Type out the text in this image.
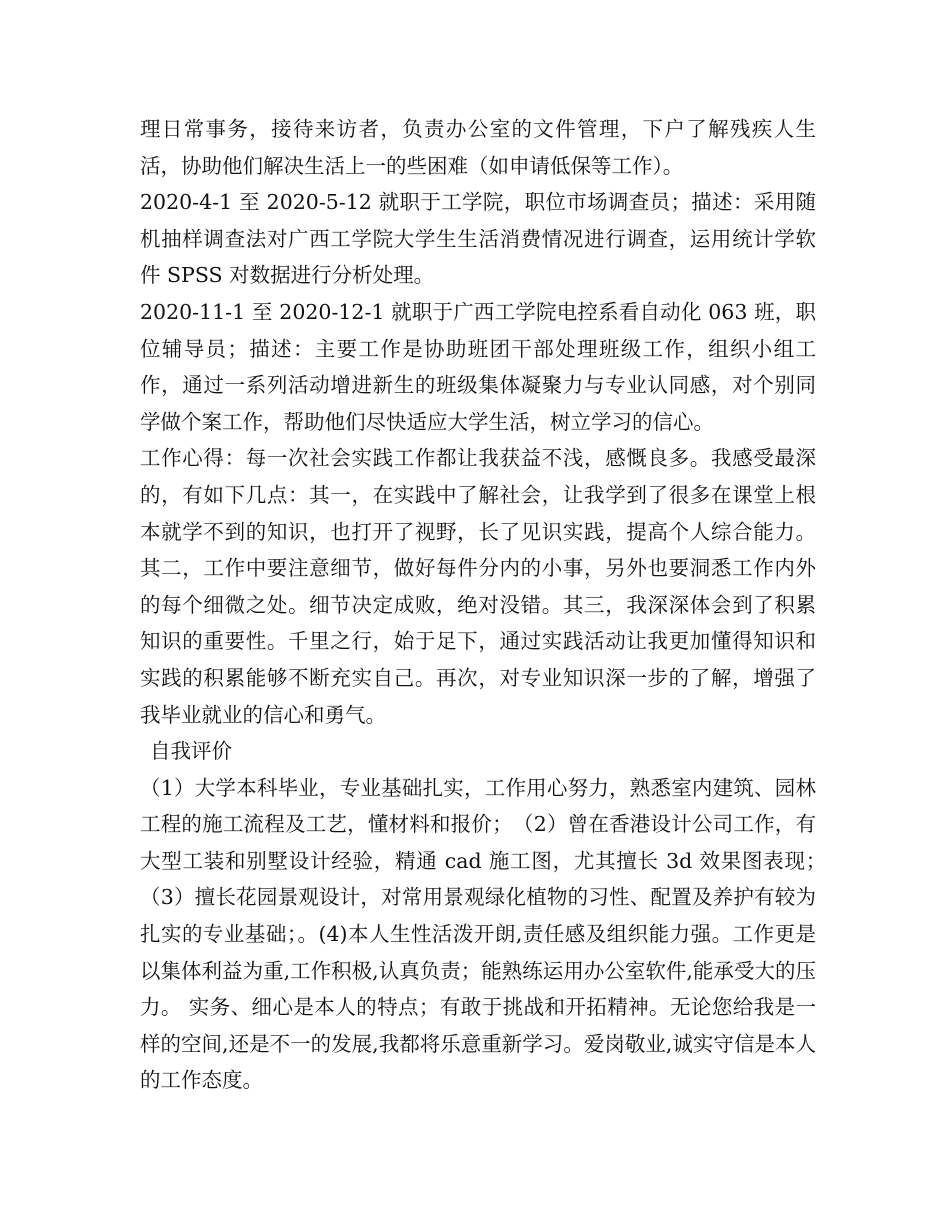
理日常事务，接待来访者，负责办公室的文件管理，下户了解残疾人生活，协助他们解决生活上一的些困难（如申请低保等工作）。

2020-4-1 至 2020-5-12 就职于工学院，职位市场调查员；描述：采用随机抽样调查法对广西工学院大学生生活消费情况进行调查，运用统计学软件 SPSS 对数据进行分析处理。

2020-11-1 至 2020-12-1 就职于广西工学院电控系看自动化 063 班，职位辅导员；描述：主要工作是协助班团干部处理班级工作，组织小组工作，通过一系列活动增进新生的班级集体凝聚力与专业认同感，对个别同学做个案工作，帮助他们尽快适应大学生活，树立学习的信心。

工作心得：每一次社会实践工作都让我获益不浅，感慨良多。我感受最深的，有如下几点：其一，在实践中了解社会，让我学到了很多在课堂上根本就学不到的知识，也打开了视野，长了见识实践，提高个人综合能力。其二，工作中要注意细节，做好每件分内的小事，另外也要洞悉工作内外的每个细微之处。细节决定成败，绝对没错。其三，我深深体会到了积累知识的重要性。千里之行，始于足下，通过实践活动让我更加懂得知识和实践的积累能够不断充实自己。再次，对专业知识深一步的了解，增强了我毕业就业的信心和勇气。

自我评价

（1）大学本科毕业，专业基础扎实，工作用心努力，熟悉室内建筑、园林工程的施工流程及工艺，懂材料和报价；　（2）曾在香港设计公司工作，有大型工装和别墅设计经验，精通 cad 施工图，尤其擅长 3d 效果图表现；　（3）擅长花园景观设计，对常用景观绿化植物的习性、配置及养护有较为扎实的专业基础；。(4)本人生性活泼开朗,责任感及组织能力强。工作更是以集体利益为重,工作积极,认真负责；能熟练运用办公室软件,能承受大的压力。 实务、细心是本人的特点；有敢于挑战和开拓精神。无论您给我是一样的空间,还是不一的发展,我都将乐意重新学习。爱岗敬业,诚实守信是本人的工作态度。
